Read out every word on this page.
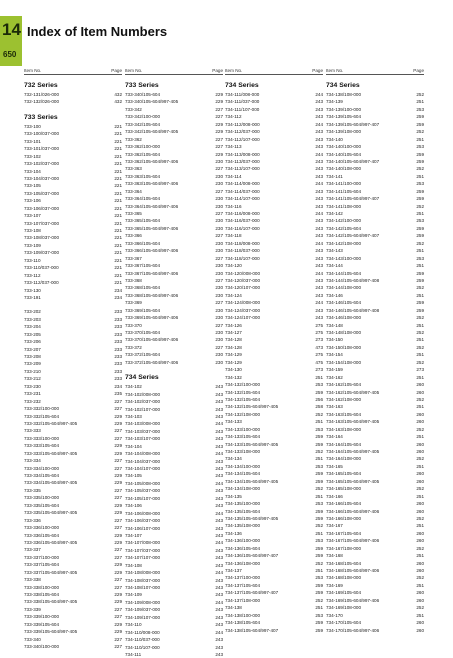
14
650
Index of Item Numbers
Item No.	Page
732 Series
732-131/026-000	432
732-132/026-000	432
733 Series
733-100	221
733-100/037-000	221
733-101	221
733-101/037-000	221
733-102	221
733-102/037-000	221
733-104	221
733-104/037-000	221
733-105	221
733-105/037-000	221
733-106	221
733-106/037-000	221
733-107	221
733-107/037-000	221
733-108	221
733-108/037-000	221
733-109	221
733-109/037-000	221
733-110	221
733-110/037-000	221
733-112	221
733-112/037-000	221
733-130	234
733-191	234
733-202	233
733-203	233
733-204	233
733-205	233
733-206	233
733-207	233
733-208	233
733-209	233
733-210	233
733-212	233
733-230	234
733-231	235
733-232	227
733-332/100-000	227
733-332/105-604	229
733-332/105-604/997-405	229
733-333	227
733-333/100-000	227
733-333/105-604	229
733-333/105-604/997-405	229
733-334	227
733-334/100-000	227
733-334/105-604	229
733-334/105-604/997-405	229
733-335	227
733-335/100-000	227
733-335/105-604	229
733-335/105-604/997-405	229
733-336	227
733-336/100-000	227
733-336/105-604	229
733-336/105-604/997-405	229
733-337	227
733-337/100-000	227
733-337/105-604	229
733-337/105-604/997-405	229
733-338	227
733-338/100-000	227
733-338/105-604	229
733-338/105-604/997-405	229
733-339	227
733-339/100-000	227
733-339/105-604	229
733-339/105-604/997-405	229
733-340	227
733-340/100-000	227
Item No.	Page
733 Series
733-340/105-604	229
733-340/105-604/997-405	229
733-342	227
733-342/100-000	227
733-342/105-604	229
733-342/105-604/997-405	229
733-362	227
733-362/100-000	227
733-362/105-604	229
733-362/105-604/997-406	230
733-363	227
733-363/105-604	230
733-363/105-604/997-406	230
733-364	227
733-364/105-604	230
733-364/105-604/997-406	230
733-365	227
733-365/105-604	230
733-365/105-604/997-406	230
733-366	227
733-366/105-604	230
733-366/105-604/997-406	230
733-367	227
733-367/105-604	230
733-367/105-604/997-406	230
733-368	227
733-368/105-604	230
733-368/105-604/997-406	230
733-369	227
733-369/105-604	230
733-369/105-604/997-406	230
733-370	227
733-370/105-604	230
733-370/105-604/997-406	230
733-372	227
733-372/105-604	230
733-372/105-604/997-406	230
734 Series
734-102	243
734-102/008-000	243
734-102/037-000	243
734-102/107-000	243
734-103	243
734-103/008-000	244
734-103/037-000	243
734-103/107-000	243
734-104	243
734-104/008-000	244
734-104/037-000	243
734-104/107-000	243
734-105	243
734-105/008-000	244
734-105/037-000	243
734-105/107-000	243
734-106	243
734-106/008-000	244
734-106/037-000	243
734-106/107-000	243
734-107	243
734-107/008-000	244
734-107/037-000	243
734-107/107-000	243
734-108	243
734-108/008-000	244
734-108/037-000	243
734-108/107-000	243
734-109	243
734-109/008-000	244
734-109/037-000	243
734-109/107-000	243
734-110	243
734-110/008-000	244
734-110/037-000	243
734-110/107-000	243
734-111	243
Item No.	Page
734 Series
734-111/008-000	244
734-111/037-000	243
734-111/107-000	243
734-112	243
734-112/008-000	244
734-112/037-000	243
734-112/107-000	243
734-113	243
734-113/008-000	244
734-113/037-000	243
734-113/107-000	243
734-114	243
734-114/008-000	244
734-114/037-000	243
734-114/107-000	243
734-116	243
734-116/008-000	244
734-116/037-000	243
734-116/107-000	243
734-118	243
734-118/008-000	244
734-118/037-000	243
734-118/107-000	243
734-120	243
734-120/008-000	244
734-120/037-000	243
734-120/107-000	243
734-124	243
734-124/008-000	244
734-124/037-000	243
734-124/107-000	243
734-126	275
734-127	275
734-128	273
734-128	473
734-129	275
734-129	475
734-130	273
734-132	251
734-132/100-000	253
734-132/105-604	259
734-132/105-604	256
734-132/105-604/997-405	258
734-132/108-000	252
734-133	251
734-133/100-000	253
734-133/105-604	259
734-133/105-604/997-405	259
734-133/108-000	252
734-134	251
734-134/100-000	253
734-134/105-604	259
734-134/105-604/997-405	259
734-134/108-000	252
734-135	251
734-135/100-000	253
734-135/105-604	259
734-135/105-604/997-405	259
734-135/108-000	252
734-136	251
734-136/100-000	253
734-136/105-604	259
734-136/105-604/997-407	259
734-136/108-000	252
734-137	251
734-137/100-000	253
734-137/105-604	259
734-137/105-604/997-407	259
734-137/108-000	252
734-138	251
734-138/100-000	253
734-138/105-604	259
734-138/105-604/997-407	259
Item No.	Page
734 Series
734-138/108-000	252
734-139	251
734-139/100-000	253
734-139/105-604	259
734-139/105-604/997-407	259
734-139/108-000	252
734-140	251
734-140/100-000	253
734-140/105-604	259
734-140/105-604/997-407	259
734-140/108-000	252
734-141	251
734-141/100-000	253
734-141/105-604	259
734-141/105-604/997-407	259
734-141/108-000	252
734-142	251
734-142/100-000	253
734-142/105-604	259
734-142/105-604/997-407	259
734-142/108-000	252
734-143	251
734-143/100-000	253
734-144	251
734-144/105-604	259
734-144/105-604/997-408	259
734-144/108-000	252
734-146	251
734-146/105-604	259
734-146/105-604/997-408	259
734-146/108-000	252
734-148	251
734-148/108-000	252
734-150	251
734-150/108-000	252
734-154	251
734-154/108-000	252
734-159	273
734-162	251
734-162/105-604	260
734-162/105-604/997-405	260
734-162/108-000	252
734-163	251
734-163/105-604	260
734-163/105-604/997-405	260
734-163/108-000	252
734-164	251
734-164/105-604	260
734-164/105-604/997-405	260
734-164/108-000	252
734-165	251
734-165/105-604	260
734-165/105-604/997-405	260
734-165/108-000	252
734-166	251
734-166/105-604	260
734-166/105-604/997-406	260
734-166/108-000	252
734-167	251
734-167/105-604	260
734-167/105-604/997-406	260
734-167/108-000	252
734-168	251
734-168/105-604	260
734-168/105-604/997-406	260
734-168/108-000	252
734-169	251
734-169/105-604	260
734-169/105-604/997-406	260
734-169/108-000	252
734-170	251
734-170/105-604	260
734-170/105-604/997-406	260
